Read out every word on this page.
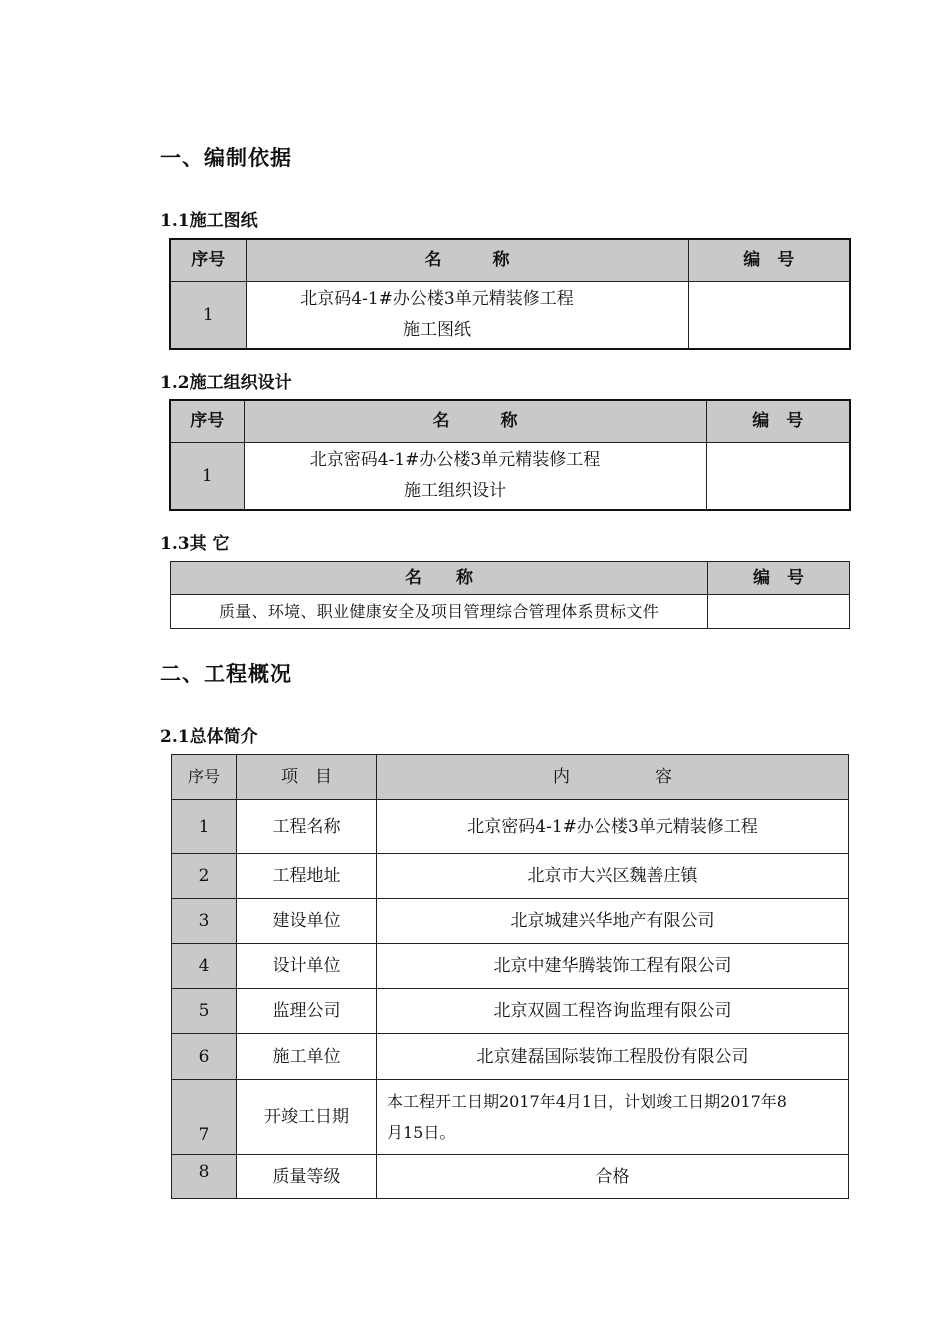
一、编制依据
1.1施工图纸
序号	名　　　称	编　号
1	北京码4-1#办公楼3单元精装修工程
施工图纸	

1.2施工组织设计
序号	名　　　称	编　号
1	北京密码4-1#办公楼3单元精装修工程
施工组织设计	

1.3其 它
名　　称	编　号
质量、环境、职业健康安全及项目管理综合管理体系贯标文件	
二、工程概况
2.1总体简介
序号	项　目	内　　　　　容
1	工程名称	北京密码4-1#办公楼3单元精装修工程
2	工程地址	北京市大兴区魏善庄镇
3	建设单位	北京城建兴华地产有限公司
4	设计单位	北京中建华腾装饰工程有限公司
5	监理公司	北京双圆工程咨询监理有限公司
6	施工单位	北京建磊国际装饰工程股份有限公司
7	开竣工日期	本工程开工日期2017年4月1日，计划竣工日期2017年8
月15日。

8	质量等级	合格
